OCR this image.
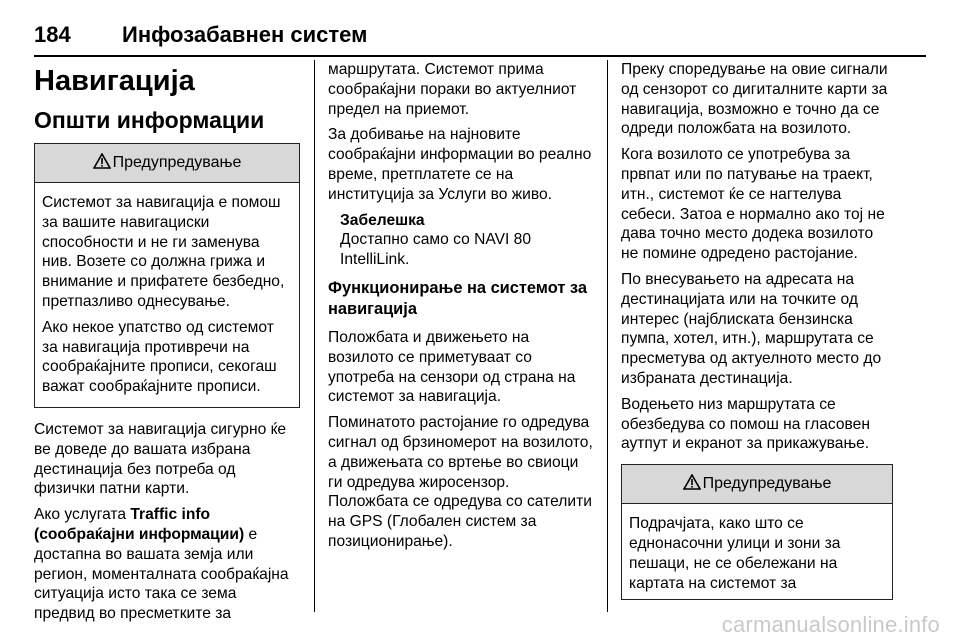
184 Инфозабавнен систем
Навигација
Општи информации
Предупредување

Системот за навигација е помош за вашите навигациски способности и не ги заменува нив. Возете со должна грижа и внимание и прифатете безбедно, претпазливо однесување.

Ако некое упатство од системот за навигација противречи на сообраќајните прописи, секогаш важат сообраќајните прописи.

Системот за навигација сигурно ќе ве доведе до вашата избрана дестинација без потреба од физички патни карти.

Ако услугата Traffic info (сообраќајни информации) е достапна во вашата земја или регион, моменталната сообраќајна ситуација исто така се зема предвид во пресметките за

маршрутата. Системот прима сообраќајни пораки во актуелниот предел на приемот.

За добивање на најновите сообраќајни информации во реално време, претплатете се на институција за Услуги во живо.

Забелешка
Достапно само со NAVI 80 IntelliLink.
Функционирање на системот за навигација

Положбата и движењето на возилото се приметуваат со употреба на сензори од страна на системот за навигација.

Поминатото растојание го одредува сигнал од брзиномерот на возилото, а движењата со вртење во свиоци ги одредува жиросензор. Положбата се одредува со сателити на GPS (Глобален систем за позиционирање).

Преку споредување на овие сигнали од сензорот со дигиталните карти за навигација, возможно е точно да се одреди положбата на возилото.

Кога возилото се употребува за првпат или по патување на траект, итн., системот ќе се нагтелува себеси. Затоа е нормално ако тој не дава точно место додека возилото не помине одредено растојание.

По внесувањето на адресата на дестинацијата или на точките од интерес (најблиската бензинска пумпа, хотел, итн.), маршрутата се пресметува од актуелното место до избраната дестинација.

Водењето низ маршрутата се обезбедува со помош на гласовен аутпут и екранот за прикажување.

Предупредување

Подрачјата, како што се еднонасочни улици и зони за пешаци, не се обележани на картата на системот за

carmanualsonline.info
